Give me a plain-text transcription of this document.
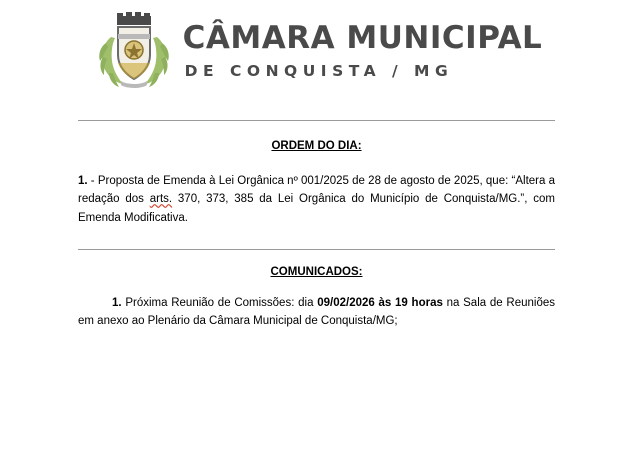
CÂMARA MUNICIPAL
DE CONQUISTA / MG

ORDEM DO DIA:

1. - Proposta de Emenda à Lei Orgânica nº 001/2025 de 28 de agosto de 2025, que: “Altera a redação dos arts. 370, 373, 385 da Lei Orgânica do Município de Conquista/MG.”, com Emenda Modificativa.

COMUNICADOS:

1. Próxima Reunião de Comissões: dia 09/02/2026 às 19 horas na Sala de Reuniões em anexo ao Plenário da Câmara Municipal de Conquista/MG;
